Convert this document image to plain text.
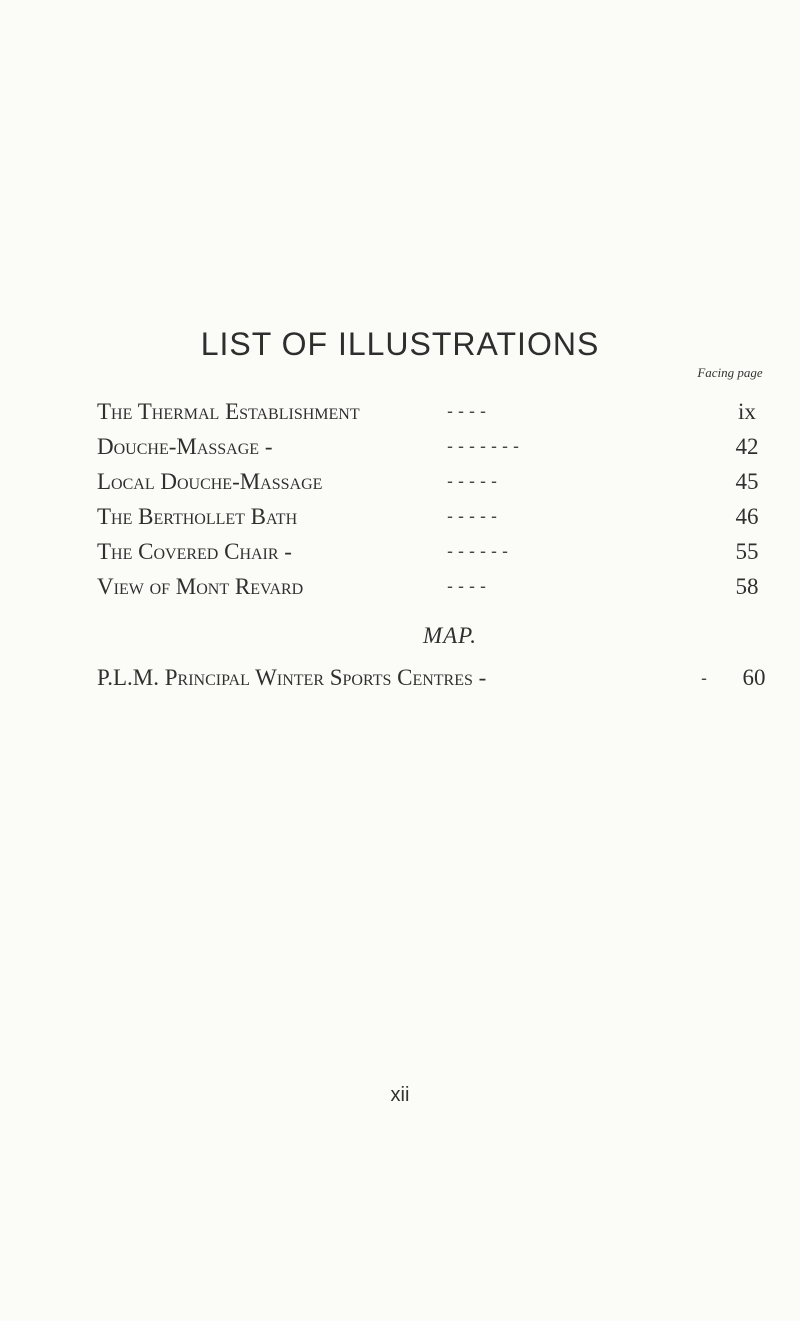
LIST OF ILLUSTRATIONS
Facing page
The Thermal Establishment	- - - -	ix
Douche-Massage -	- - - - - - -	42
Local Douche-Massage	- - - - -	45
The Berthollet Bath	- - - - -	46
The Covered Chair -	- - - - - -	55
View of Mont Revard	- - - -	58
MAP.
P.L.M. Principal Winter Sports Centres -	-	60
xii
